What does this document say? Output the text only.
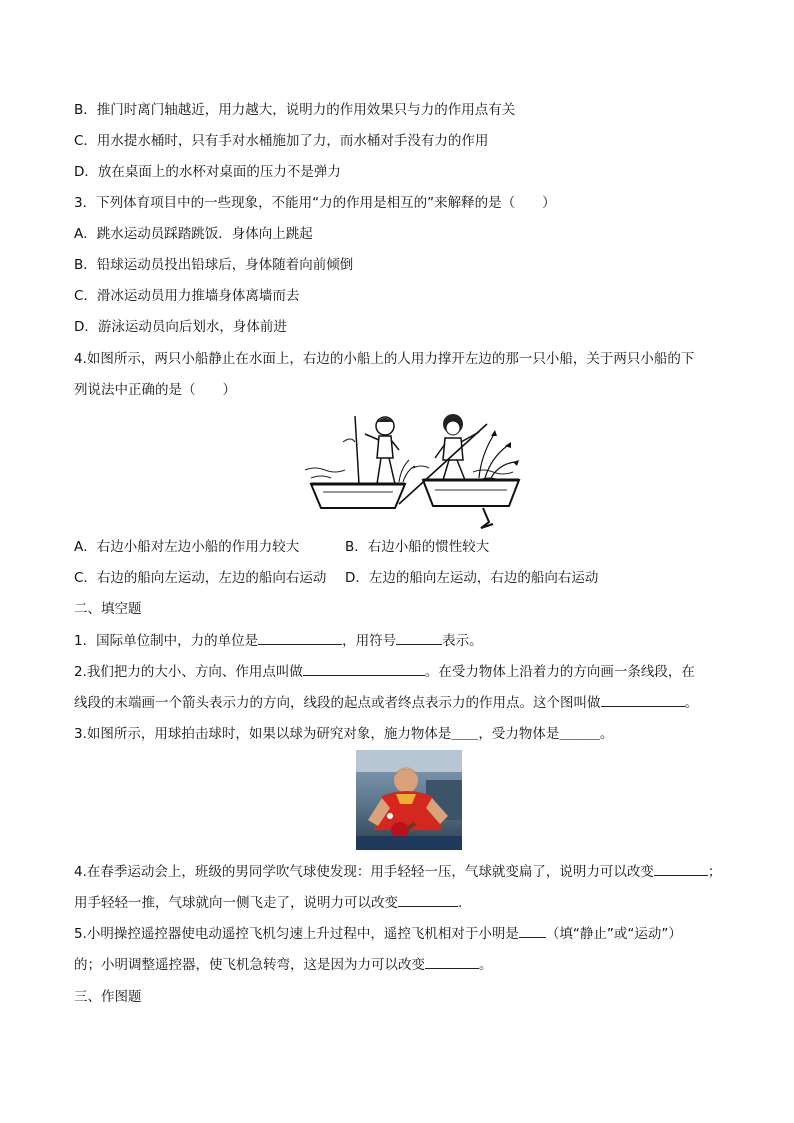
B．推门时离门轴越近，用力越大，说明力的作用效果只与力的作用点有关
C．用水提水桶时，只有手对水桶施加了力，而水桶对手没有力的作用
D．放在桌面上的水杯对桌面的压力不是弹力
3．下列体育项目中的一些现象，不能用“力的作用是相互的”来解释的是（　　）
A．跳水运动员踩踏跳饭．身体向上跳起
B．铅球运动员投出铅球后，身体随着向前倾倒
C．滑冰运动员用力推墙身体离墙而去
D．游泳运动员向后划水，身体前进
4.如图所示，两只小船静止在水面上，右边的小船上的人用力撑开左边的那一只小船，关于两只小船的下
列说法中正确的是（　　）
A．右边小船对左边小船的作用力较大	B．右边小船的惯性较大
C．右边的船向左运动，左边的船向右运动 D．左边的船向左运动，右边的船向右运动
二、填空题
1．国际单位制中，力的单位是	，用符号	表示。
2.我们把力的大小、方向、作用点叫做	。在受力物体上沿着力的方向画一条线段，在
线段的末端画一个箭头表示力的方向，线段的起点或者终点表示力的作用点。这个图叫做	。
3.如图所示，用球拍击球时，如果以球为研究对象，施力物体是＿＿，受力物体是＿＿＿。
4.在春季运动会上，班级的男同学吹气球使发现：用手轻轻一压，气球就变扁了，说明力可以改变	；
用手轻轻一推，气球就向一侧飞走了，说明力可以改变	.
5.小明操控遥控器使电动遥控飞机匀速上升过程中，遥控飞机相对于小明是 （填“静止”或“运动”）
的；小明调整遥控器，使飞机急转弯，这是因为力可以改变	。
三、作图题
